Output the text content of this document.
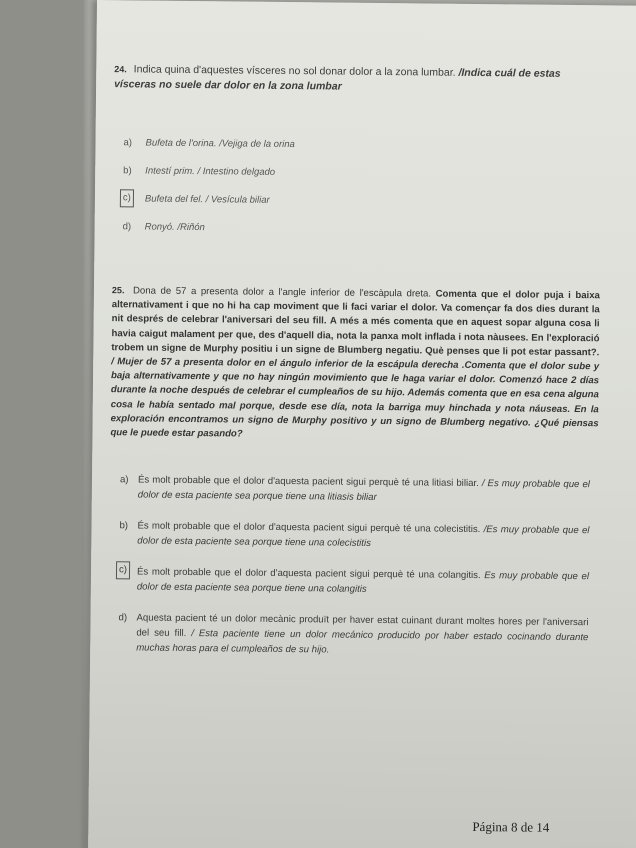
24. Indica quina d'aquestes vísceres no sol donar dolor a la zona lumbar. /Indica cuál de estas vísceras no suele dar dolor en la zona lumbar
a) Bufeta de l'orina. /Vejiga de la orina
b) Intestí prim. / Intestino delgado
c)	Bufeta del fel. / Vesícula biliar
d) Ronyó. /Riñón
25. Dona de 57 a presenta dolor a l'angle inferior de l'escàpula dreta. Comenta que el dolor puja i baixa alternativament i que no hi ha cap moviment que li faci variar el dolor. Va començar fa dos dies durant la nit després de celebrar l'aniversari del seu fill. A més a més comenta que en aquest sopar alguna cosa li havia caigut malament per que, des d'aquell dia, nota la panxa molt inflada i nota nàusees. En l'exploració trobem un signe de Murphy positiu i un signe de Blumberg negatiu. Què penses que li pot estar passant?. / Mujer de 57 a presenta dolor en el ángulo inferior de la escápula derecha .Comenta que el dolor sube y baja alternativamente y que no hay ningún movimiento que le haga variar el dolor. Comenzó hace 2 días durante la noche después de celebrar el cumpleaños de su hijo. Además comenta que en esa cena alguna cosa le había sentado mal porque, desde ese día, nota la barriga muy hinchada y nota náuseas. En la exploración encontramos un signo de Murphy positivo y un signo de Blumberg negativo. ¿Qué piensas que le puede estar pasando?
a) És molt probable que el dolor d'aquesta pacient sigui perquè té una litiasi biliar. / Es muy probable que el dolor de esta paciente sea porque tiene una litiasis biliar
b) És molt probable que el dolor d'aquesta pacient sigui perquè té una colecistitis. /Es muy probable que el dolor de esta paciente sea porque tiene una colecistitis
c)	És molt probable que el dolor d'aquesta pacient sigui perquè té una colangitis. Es muy probable que el dolor de esta paciente sea porque tiene una colangitis
d) Aquesta pacient té un dolor mecànic produït per haver estat cuinant durant moltes hores per l'aniversari del seu fill. / Esta paciente tiene un dolor mecánico producido por haber estado cocinando durante muchas horas para el cumpleaños de su hijo.
Página 8 de 14
